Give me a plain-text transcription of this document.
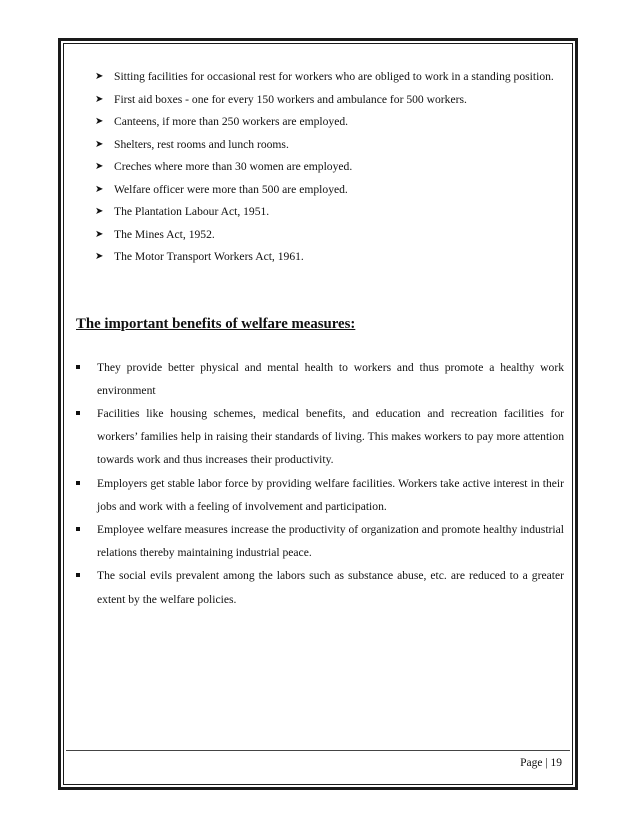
➤ Sitting facilities for occasional rest for workers who are obliged to work in a standing position.
➤ First aid boxes - one for every 150 workers and ambulance for 500 workers.
➤ Canteens, if more than 250 workers are employed.
➤ Shelters, rest rooms and lunch rooms.
➤ Creches where more than 30 women are employed.
➤ Welfare officer were more than 500 are employed.
➤ The Plantation Labour Act, 1951.
➤ The Mines Act, 1952.
➤ The Motor Transport Workers Act, 1961.
The important benefits of welfare measures:
They provide better physical and mental health to workers and thus promote a healthy work environment
Facilities like housing schemes, medical benefits, and education and recreation facilities for workers’ families help in raising their standards of living. This makes workers to pay more attention towards work and thus increases their productivity.
Employers get stable labor force by providing welfare facilities. Workers take active interest in their jobs and work with a feeling of involvement and participation.
Employee welfare measures increase the productivity of organization and promote healthy industrial relations thereby maintaining industrial peace.
The social evils prevalent among the labors such as substance abuse, etc. are reduced to a greater extent by the welfare policies.
Page | 19
